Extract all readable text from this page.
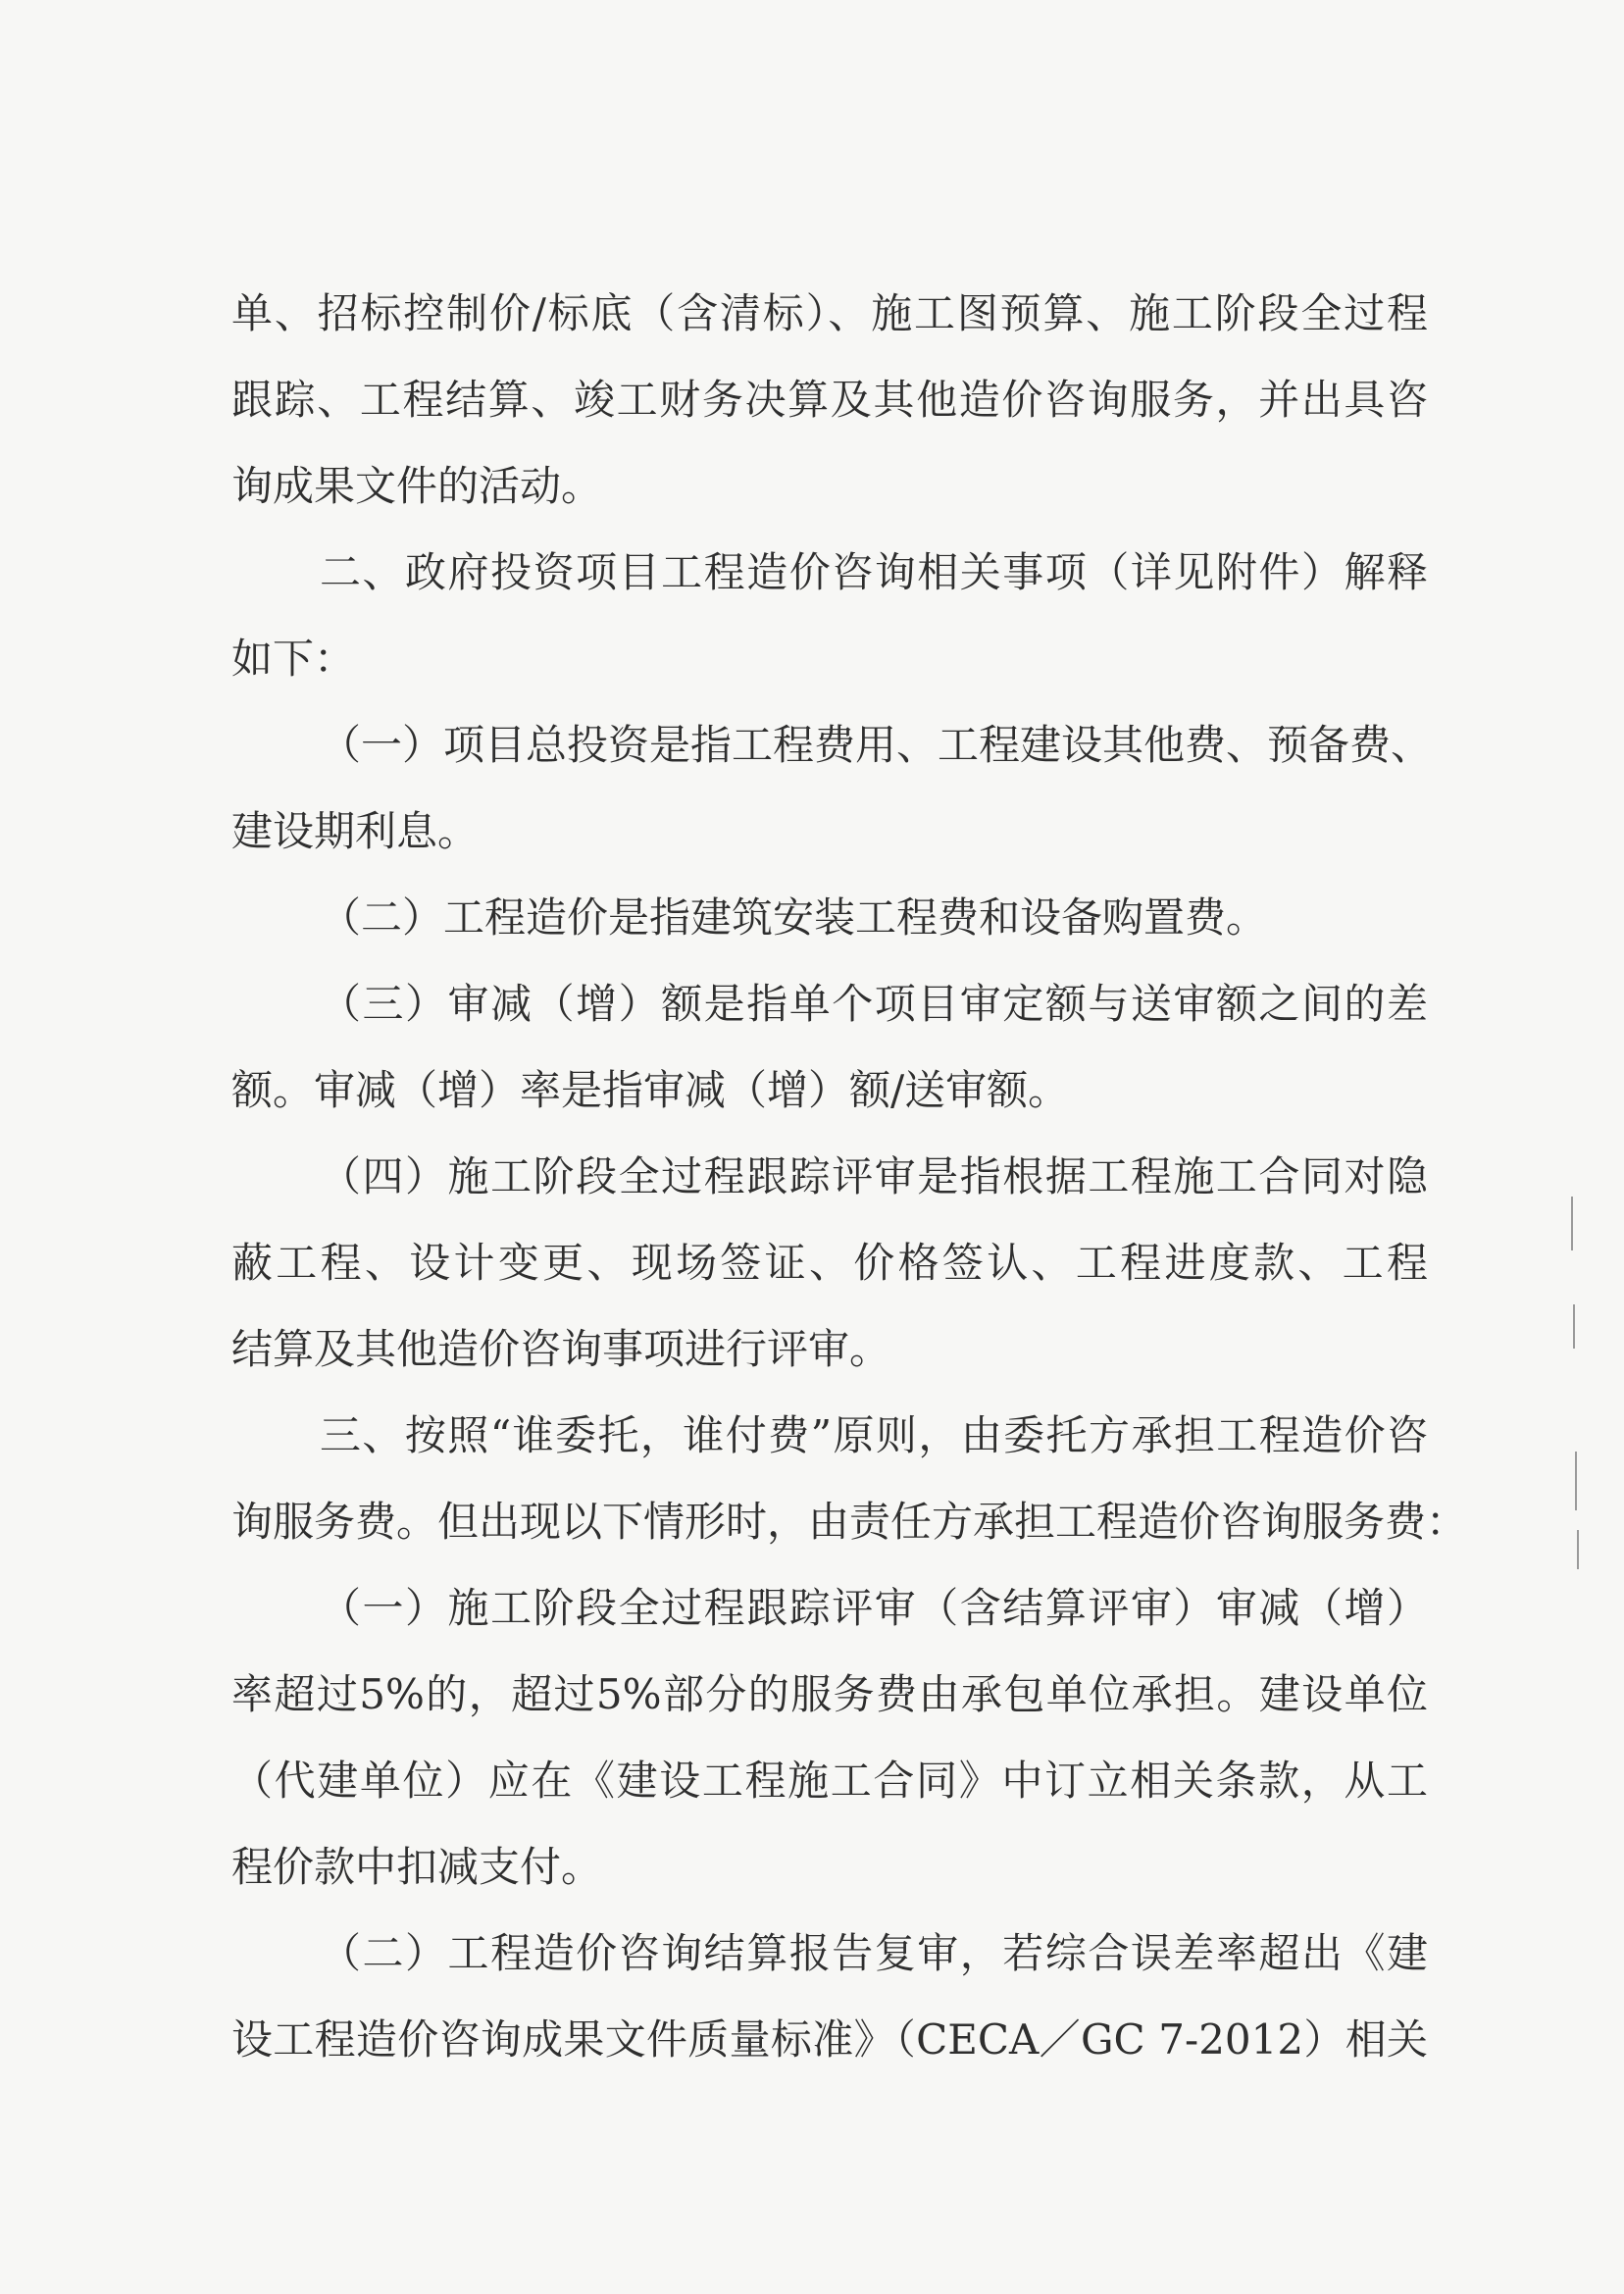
单、招标控制价/标底（含清标）、施工图预算、施工阶段全过程
跟踪、工程结算、竣工财务决算及其他造价咨询服务，并出具咨
询成果文件的活动。
二、政府投资项目工程造价咨询相关事项（详见附件）解释
如下：
（一）项目总投资是指工程费用、工程建设其他费、预备费、
建设期利息。
（二）工程造价是指建筑安装工程费和设备购置费。
（三）审减（增）额是指单个项目审定额与送审额之间的差
额。审减（增）率是指审减（增）额/送审额。
（四）施工阶段全过程跟踪评审是指根据工程施工合同对隐
蔽工程、设计变更、现场签证、价格签认、工程进度款、工程
结算及其他造价咨询事项进行评审。
三、按照“谁委托，谁付费”原则，由委托方承担工程造价咨
询服务费。但出现以下情形时，由责任方承担工程造价咨询服务费：
（一）施工阶段全过程跟踪评审（含结算评审）审减（增）
率超过5%的，超过5%部分的服务费由承包单位承担。建设单位
（代建单位）应在《建设工程施工合同》中订立相关条款，从工
程价款中扣减支付。
（二）工程造价咨询结算报告复审，若综合误差率超出《建
设工程造价咨询成果文件质量标准》（CECA／GC 7-2012）相关
